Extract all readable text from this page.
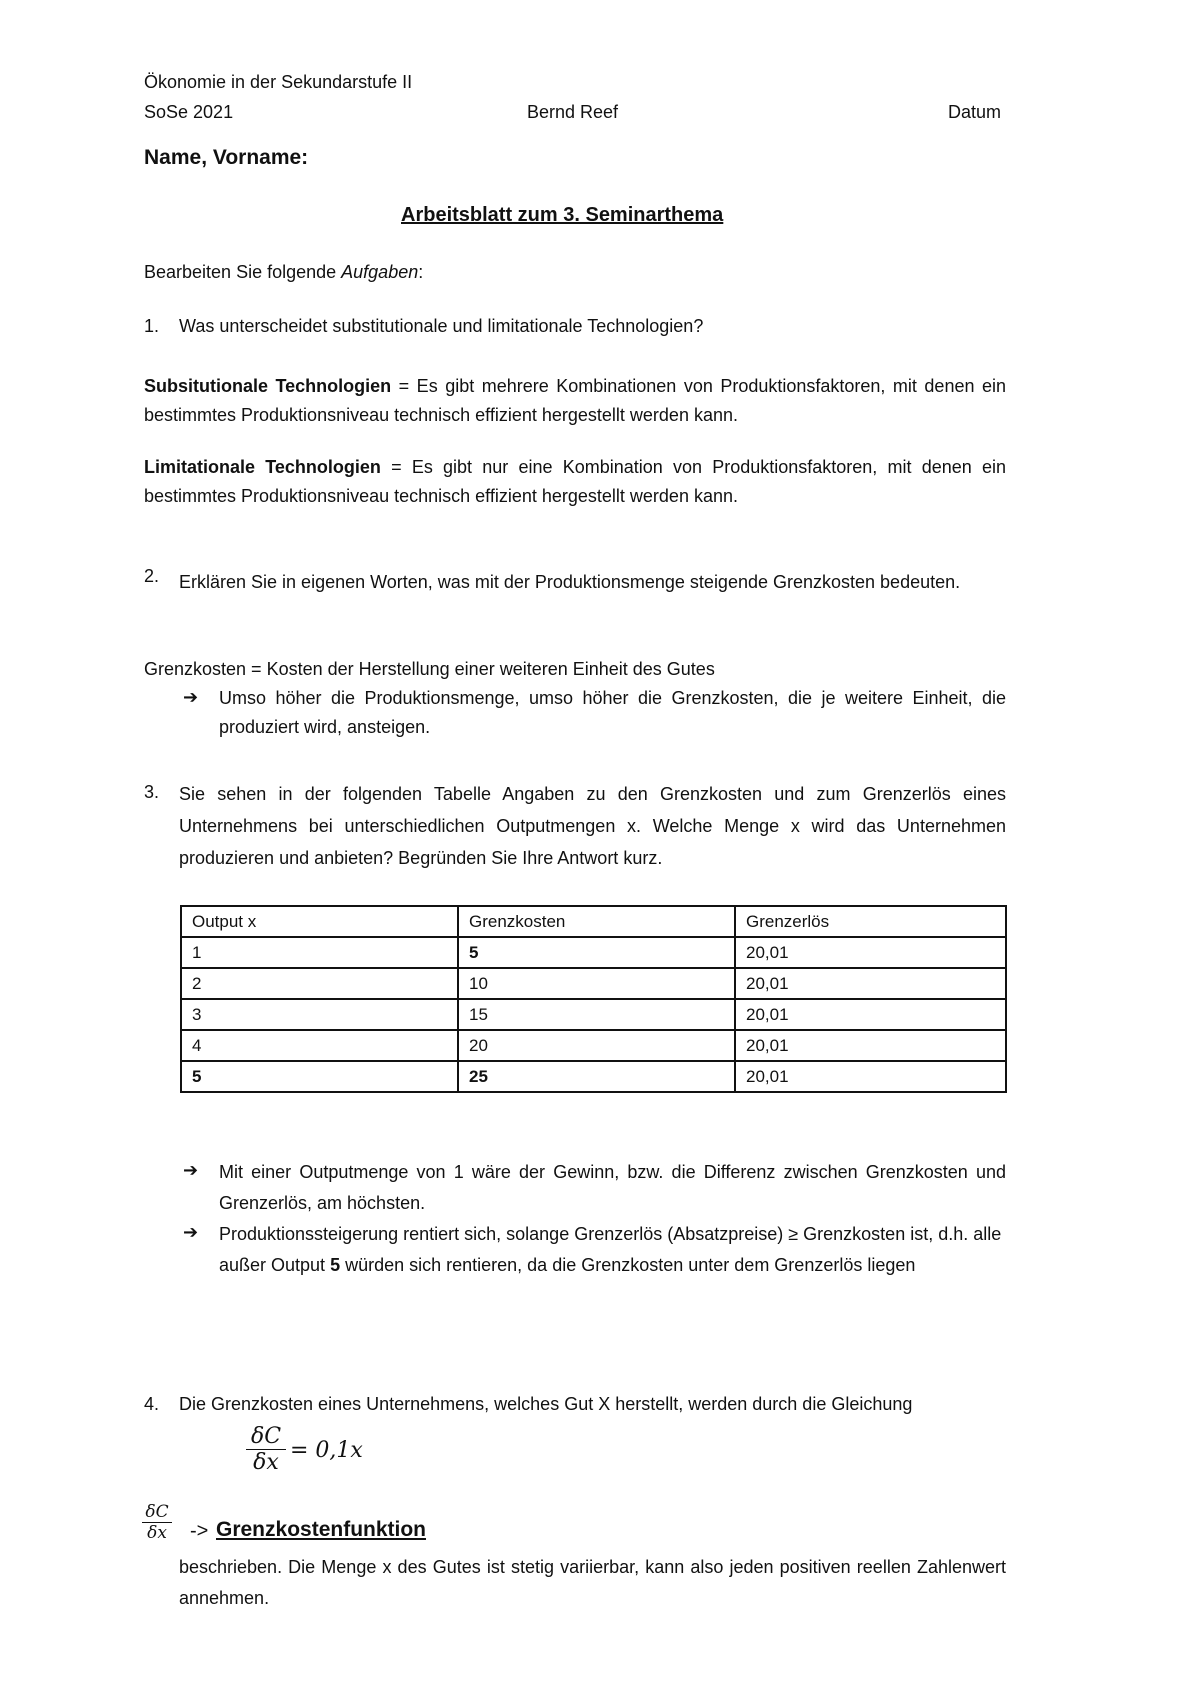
Ökonomie in der Sekundarstufe II
SoSe 2021	Bernd Reef	Datum
Name, Vorname:
Arbeitsblatt zum 3. Seminarthema
Bearbeiten Sie folgende Aufgaben:
1. Was unterscheidet substitutionale und limitationale Technologien?
Subsitutionale Technologien = Es gibt mehrere Kombinationen von Produktionsfaktoren, mit denen ein bestimmtes Produktionsniveau technisch effizient hergestellt werden kann.
Limitationale Technologien = Es gibt nur eine Kombination von Produktionsfaktoren, mit denen ein bestimmtes Produktionsniveau technisch effizient hergestellt werden kann.
2. Erklären Sie in eigenen Worten, was mit der Produktionsmenge steigende Grenzkosten bedeuten.
Grenzkosten = Kosten der Herstellung einer weiteren Einheit des Gutes
➔ Umso höher die Produktionsmenge, umso höher die Grenzkosten, die je weitere Einheit, die produziert wird, ansteigen.
3. Sie sehen in der folgenden Tabelle Angaben zu den Grenzkosten und zum Grenzerlös eines Unternehmens bei unterschiedlichen Outputmengen x. Welche Menge x wird das Unternehmen produzieren und anbieten? Begründen Sie Ihre Antwort kurz.
Output x	Grenzkosten	Grenzerlös
1	5	20,01
2	10	20,01
3	15	20,01
4	20	20,01
5	25	20,01
➔ Mit einer Outputmenge von 1 wäre der Gewinn, bzw. die Differenz zwischen Grenzkosten und Grenzerlös, am höchsten.
➔ Produktionssteigerung rentiert sich, solange Grenzerlös (Absatzpreise) ≥ Grenzkosten ist, d.h. alle außer Output 5 würden sich rentieren, da die Grenzkosten unter dem Grenzerlös liegen
4. Die Grenzkosten eines Unternehmens, welches Gut X herstellt, werden durch die Gleichung
δC
δx = 0,1x
δC
δx -> Grenzkostenfunktion
beschrieben. Die Menge x des Gutes ist stetig variierbar, kann also jeden positiven reellen Zahlenwert annehmen.
